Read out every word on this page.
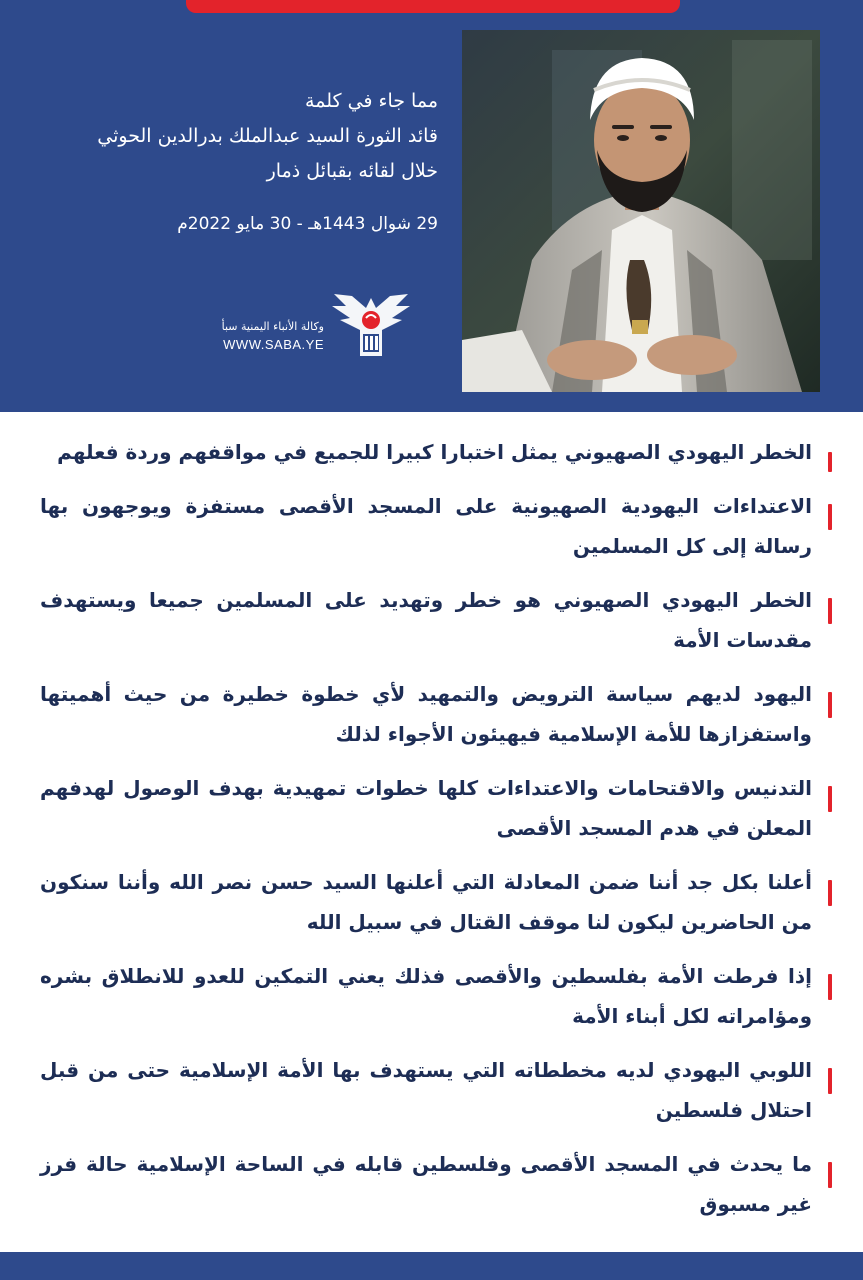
مما جاء في كلمة
قائد الثورة السيد عبدالملك بدرالدين الحوثي
خلال لقائه بقبائل ذمار
29 شوال 1443هـ - 30 مايو 2022م
وكالة الأنباء اليمنية سبأ
WWW.SABA.YE
الخطر اليهودي الصهيوني يمثل اختبارا كبيرا للجميع في مواقفهم وردة فعلهم
الاعتداءات اليهودية الصهيونية على المسجد الأقصى مستفزة ويوجهون بها رسالة إلى كل المسلمين
الخطر اليهودي الصهيوني هو خطر وتهديد على المسلمين جميعا ويستهدف مقدسات الأمة
اليهود لديهم سياسة الترويض والتمهيد لأي خطوة خطيرة من حيث أهميتها واستفزازها للأمة الإسلامية فيهيئون الأجواء لذلك
التدنيس والاقتحامات والاعتداءات كلها خطوات تمهيدية بهدف الوصول لهدفهم المعلن في هدم المسجد الأقصى
أعلنا بكل جد أننا ضمن المعادلة التي أعلنها السيد حسن نصر الله وأننا سنكون من الحاضرين ليكون لنا موقف القتال في سبيل الله
إذا فرطت الأمة بفلسطين والأقصى فذلك يعني التمكين للعدو للانطلاق بشره ومؤامراته لكل أبناء الأمة
اللوبي اليهودي لديه مخططاته التي يستهدف بها الأمة الإسلامية حتى من قبل احتلال فلسطين
ما يحدث في المسجد الأقصى وفلسطين قابله في الساحة الإسلامية حالة فرز غير مسبوق
